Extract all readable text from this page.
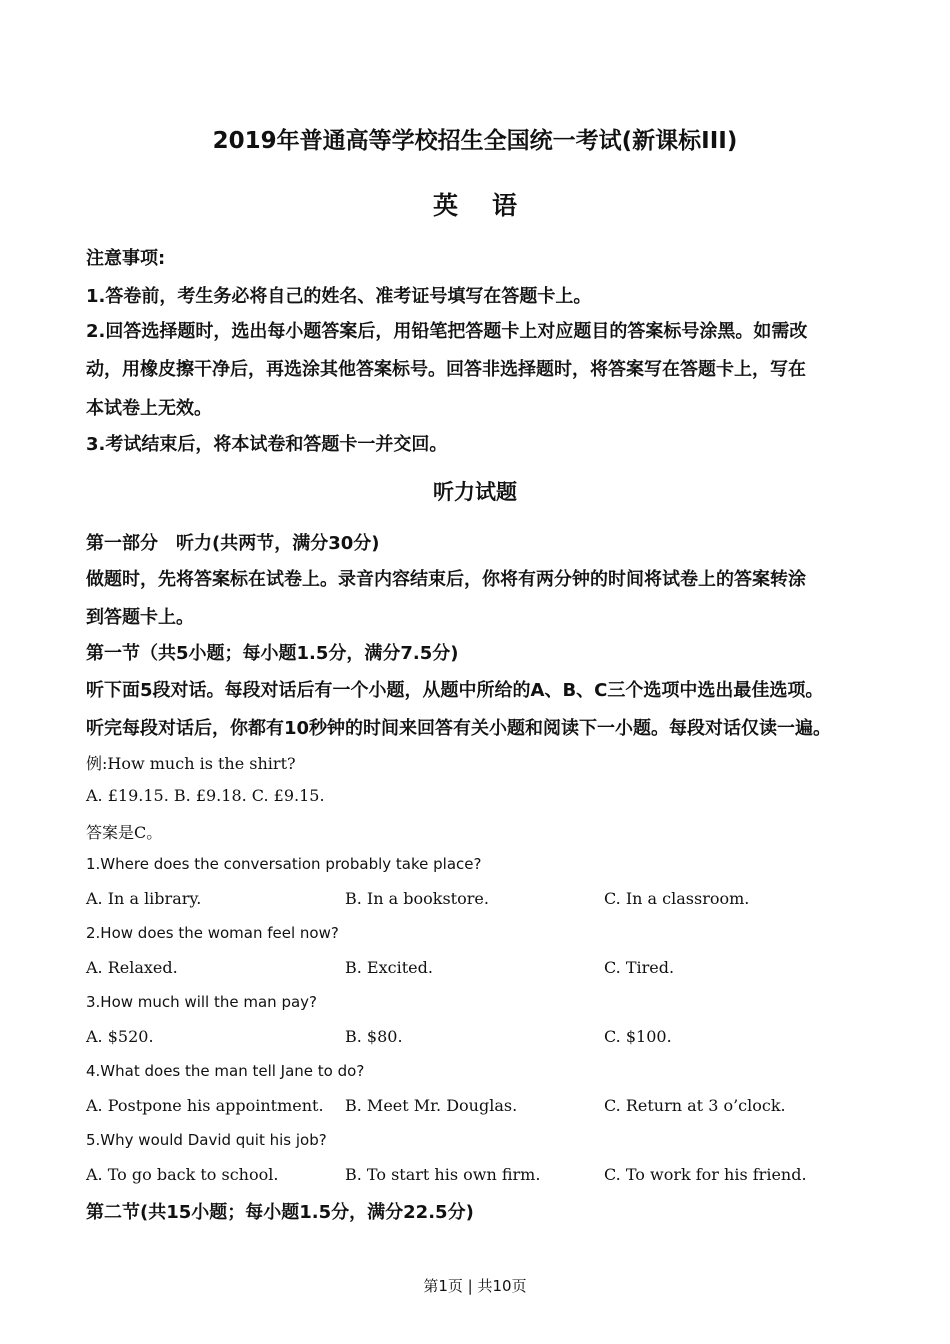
2019年普通高等学校招生全国统一考试(新课标III)
英语
注意事项:
1.答卷前，考生务必将自己的姓名、准考证号填写在答题卡上。
2.回答选择题时，选出每小题答案后，用铅笔把答题卡上对应题目的答案标号涂黑。如需改
动，用橡皮擦干净后，再选涂其他答案标号。回答非选择题时，将答案写在答题卡上，写在
本试卷上无效。
3.考试结束后，将本试卷和答题卡一并交回。
听力试题
第一部分　听力(共两节，满分30分)
做题时，先将答案标在试卷上。录音内容结束后，你将有两分钟的时间将试卷上的答案转涂
到答题卡上。
第一节（共5小题；每小题1.5分，满分7.5分)
听下面5段对话。每段对话后有一个小题，从题中所给的A、B、C三个选项中选出最佳选项。
听完每段对话后，你都有10秒钟的时间来回答有关小题和阅读下一小题。每段对话仅读一遍。
例:How much is the shirt?
A. £19.15. B. £9.18. C. £9.15.
答案是C。
1.Where does the conversation probably take place?
A. In a library.	B. In a bookstore.	C. In a classroom.
2.How does the woman feel now?
A. Relaxed.	B. Excited.	C. Tired.
3.How much will the man pay?
A. $520.	B. $80.	C. $100.
4.What does the man tell Jane to do?
A. Postpone his appointment. B. Meet Mr. Douglas.	C. Return at 3 o’clock.
5.Why would David quit his job?
A. To go back to school.	B. To start his own firm.	C. To work for his friend.
第二节(共15小题；每小题1.5分，满分22.5分)
第1页 | 共10页
